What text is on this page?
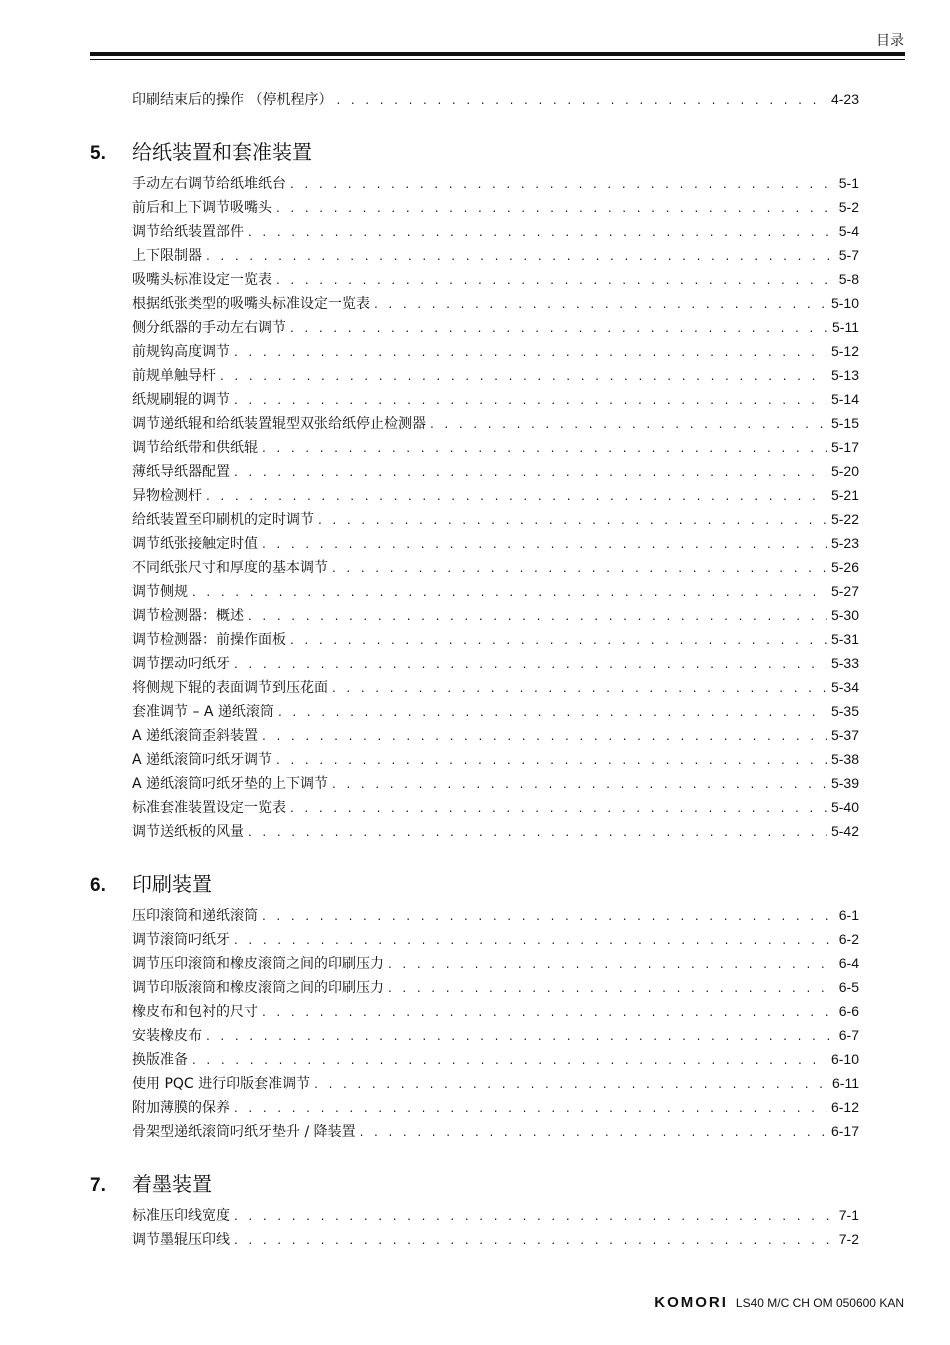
目录
印刷结束后的操作 （停机程序） . . .	4-23
5.	给纸装置和套准装置
手动左右调节给纸堆纸台 . . .	5-1
前后和上下调节吸嘴头 . . .	5-2
调节给纸装置部件 . . .	5-4
上下限制器 . . .	5-7
吸嘴头标准设定一览表 . . .	5-8
根据纸张类型的吸嘴头标准设定一览表 . . .	5-10
侧分纸器的手动左右调节 . . .	5-11
前规钩高度调节 . . .	5-12
前规单触导杆 . . .	5-13
纸规刷辊的调节 . . .	5-14
调节递纸辊和给纸装置辊型双张给纸停止检测器 . . .	5-15
调节给纸带和供纸辊 . . .	5-17
薄纸导纸器配置 . . .	5-20
异物检测杆 . . .	5-21
给纸装置至印刷机的定时调节 . . .	5-22
调节纸张接触定时值 . . .	5-23
不同纸张尺寸和厚度的基本调节 . . .	5-26
调节侧规 . . .	5-27
调节检测器：概述 . . .	5-30
调节检测器：前操作面板 . . .	5-31
调节摆动叼纸牙 . . .	5-33
将侧规下辊的表面调节到压花面 . . .	5-34
套准调节 – A 递纸滚筒 . . .	5-35
A 递纸滚筒歪斜装置 . . .	5-37
A 递纸滚筒叼纸牙调节 . . .	5-38
A 递纸滚筒叼纸牙垫的上下调节 . . .	5-39
标准套准装置设定一览表 . . .	5-40
调节送纸板的风量 . . .	5-42
6.	印刷装置
压印滚筒和递纸滚筒 . . .	6-1
调节滚筒叼纸牙 . . .	6-2
调节压印滚筒和橡皮滚筒之间的印刷压力 . . .	6-4
调节印版滚筒和橡皮滚筒之间的印刷压力 . . .	6-5
橡皮布和包衬的尺寸 . . .	6-6
安装橡皮布 . . .	6-7
换版准备 . . .	6-10
使用 PQC 进行印版套准调节 . . .	6-11
附加薄膜的保养 . . .	6-12
骨架型递纸滚筒叼纸牙垫升 / 降装置 . . .	6-17
7.	着墨装置
标准压印线宽度 . . .	7-1
调节墨辊压印线 . . .	7-2
KOMORI LS40 M/C CH OM 050600 KAN
